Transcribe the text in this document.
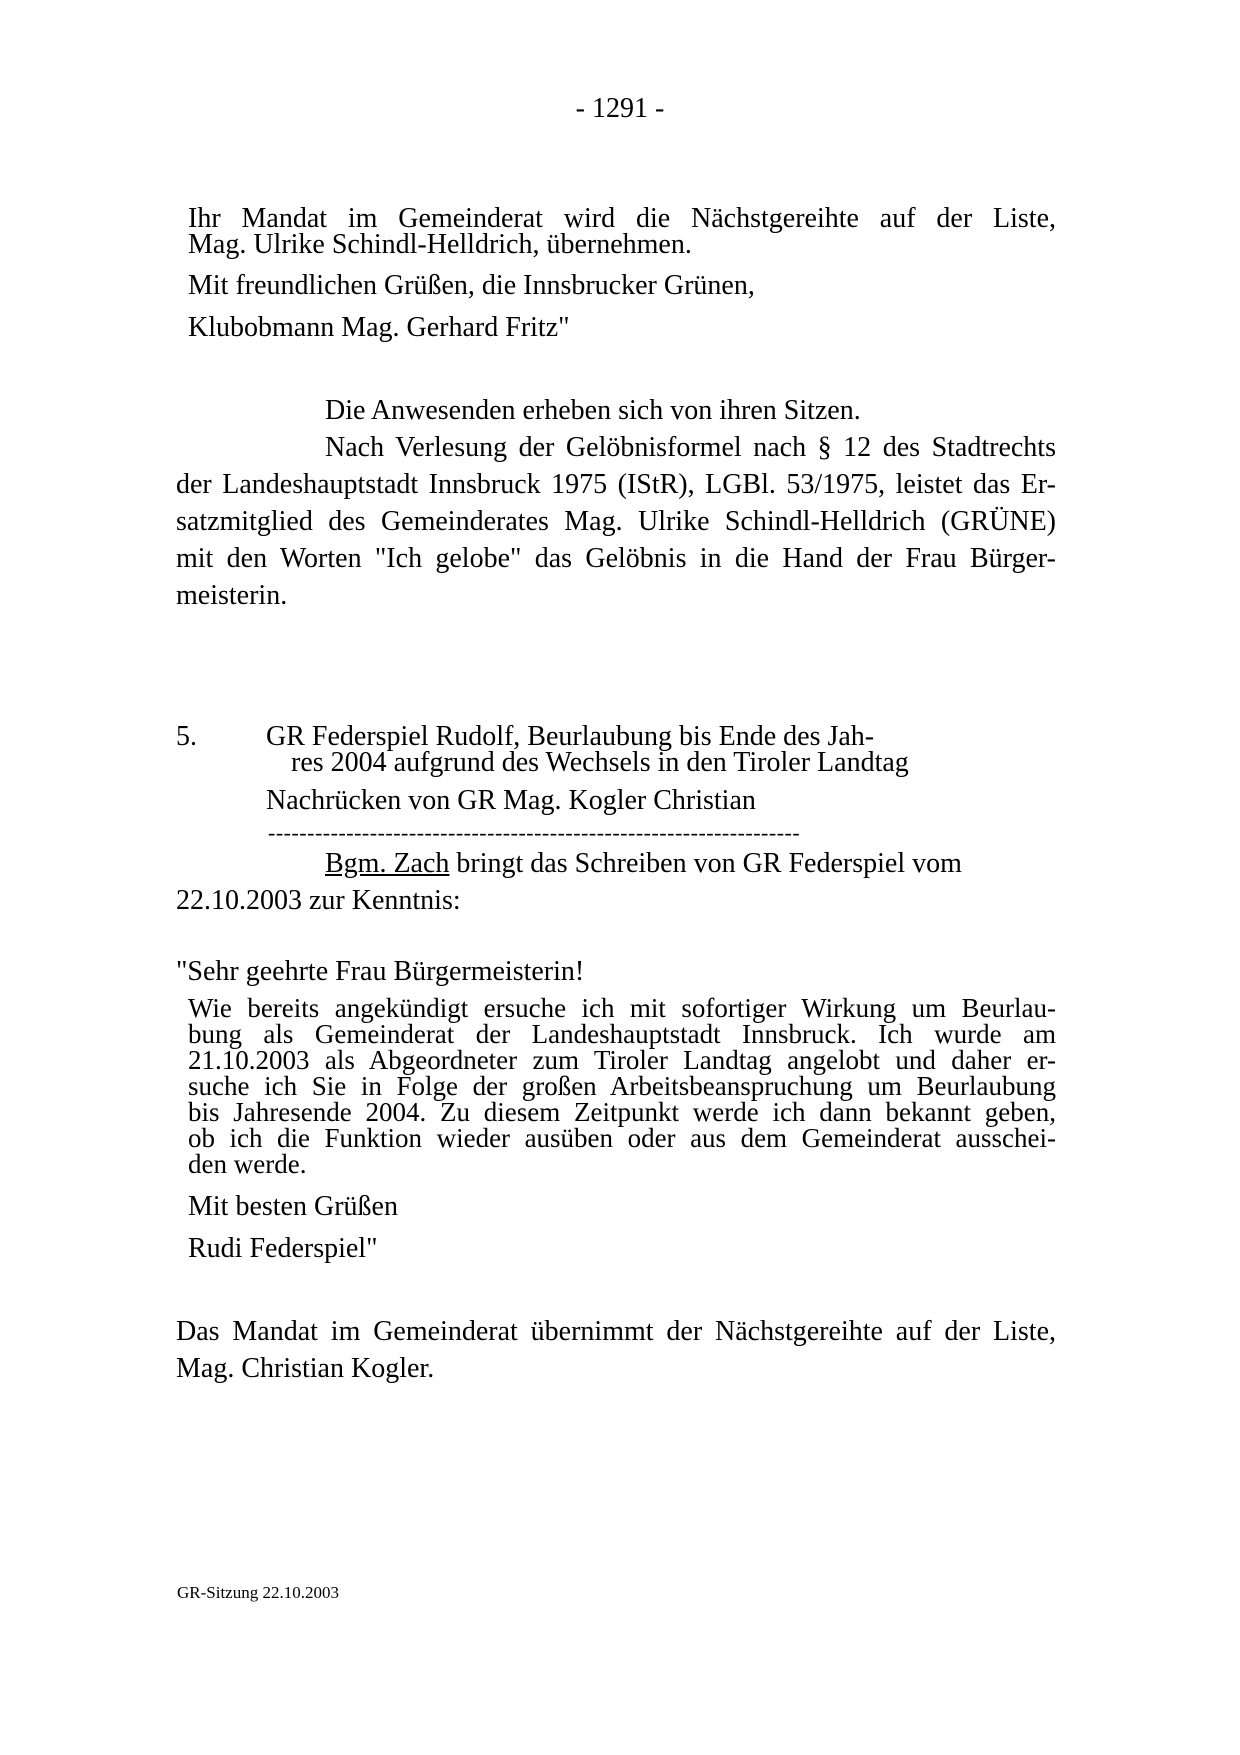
- 1291 -
Ihr Mandat im Gemeinderat wird die Nächstgereihte auf der Liste,
Mag. Ulrike Schindl-Helldrich, übernehmen.
Mit freundlichen Grüßen, die Innsbrucker Grünen,
Klubobmann Mag. Gerhard Fritz"
Die Anwesenden erheben sich von ihren Sitzen.
Nach Verlesung der Gelöbnisformel nach § 12 des Stadtrechts
der Landeshauptstadt Innsbruck 1975 (IStR), LGBl. 53/1975, leistet das Er-
satzmitglied des Gemeinderates Mag. Ulrike Schindl-Helldrich (GRÜNE)
mit den Worten "Ich gelobe" das Gelöbnis in die Hand der Frau Bürger-
meisterin.
5. GR Federspiel Rudolf, Beurlaubung bis Ende des Jah-
res 2004 aufgrund des Wechsels in den Tiroler Landtag
Nachrücken von GR Mag. Kogler Christian
--------------------------------------------------------------------
Bgm. Zach bringt das Schreiben von GR Federspiel vom
22.10.2003 zur Kenntnis:
"Sehr geehrte Frau Bürgermeisterin!
Wie bereits angekündigt ersuche ich mit sofortiger Wirkung um Beurlau-
bung als Gemeinderat der Landeshauptstadt Innsbruck. Ich wurde am
21.10.2003 als Abgeordneter zum Tiroler Landtag angelobt und daher er-
suche ich Sie in Folge der großen Arbeitsbeanspruchung um Beurlaubung
bis Jahresende 2004. Zu diesem Zeitpunkt werde ich dann bekannt geben,
ob ich die Funktion wieder ausüben oder aus dem Gemeinderat ausschei-
den werde.
Mit besten Grüßen
Rudi Federspiel"
Das Mandat im Gemeinderat übernimmt der Nächstgereihte auf der Liste,
Mag. Christian Kogler.
GR-Sitzung 22.10.2003
